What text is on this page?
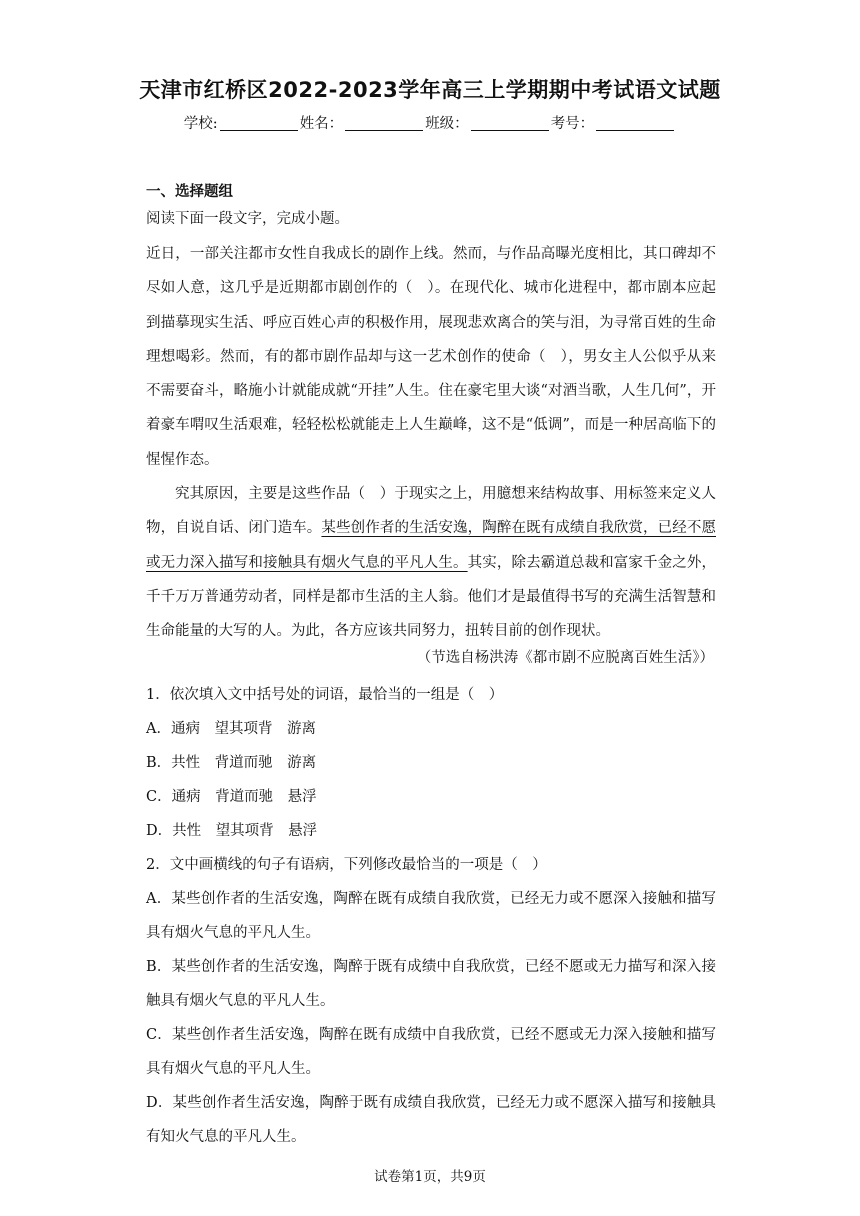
天津市红桥区2022-2023学年高三上学期期中考试语文试题
学校:	姓名：	班级：	考号：
一、选择题组
阅读下面一段文字，完成小题。

近日，一部关注都市女性自我成长的剧作上线。然而，与作品高曝光度相比，其口碑却不尽如人意，这几乎是近期都市剧创作的（　）。在现代化、城市化进程中，都市剧本应起到描摹现实生活、呼应百姓心声的积极作用，展现悲欢离合的笑与泪，为寻常百姓的生命理想喝彩。然而，有的都市剧作品却与这一艺术创作的使命（　），男女主人公似乎从来不需要奋斗，略施小计就能成就“开挂”人生。住在豪宅里大谈“对酒当歌，人生几何”，开着豪车喟叹生活艰难，轻轻松松就能走上人生巅峰，这不是“低调”，而是一种居高临下的惺惺作态。

究其原因，主要是这些作品（　）于现实之上，用臆想来结构故事、用标签来定义人物，自说自话、闭门造车。某些创作者的生活安逸，陶醉在既有成绩自我欣赏，已经不愿或无力深入描写和接触具有烟火气息的平凡人生。其实，除去霸道总裁和富家千金之外，千千万万普通劳动者，同样是都市生活的主人翁。他们才是最值得书写的充满生活智慧和生命能量的大写的人。为此，各方应该共同努力，扭转目前的创作现状。

（节选自杨洪涛《都市剧不应脱离百姓生活》）
1．依次填入文中括号处的词语，最恰当的一组是（　）
A．通病　望其项背　游离
B．共性　背道而驰　游离
C．通病　背道而驰　悬浮
D．共性　望其项背　悬浮
2．文中画横线的句子有语病，下列修改最恰当的一项是（　）
A．某些创作者的生活安逸，陶醉在既有成绩自我欣赏，已经无力或不愿深入接触和描写具有烟火气息的平凡人生。
B．某些创作者的生活安逸，陶醉于既有成绩中自我欣赏，已经不愿或无力描写和深入接触具有烟火气息的平凡人生。
C．某些创作者生活安逸，陶醉在既有成绩中自我欣赏，已经不愿或无力深入接触和描写具有烟火气息的平凡人生。
D．某些创作者生活安逸，陶醉于既有成绩自我欣赏，已经无力或不愿深入描写和接触具有知火气息的平凡人生。
试卷第1页，共9页
